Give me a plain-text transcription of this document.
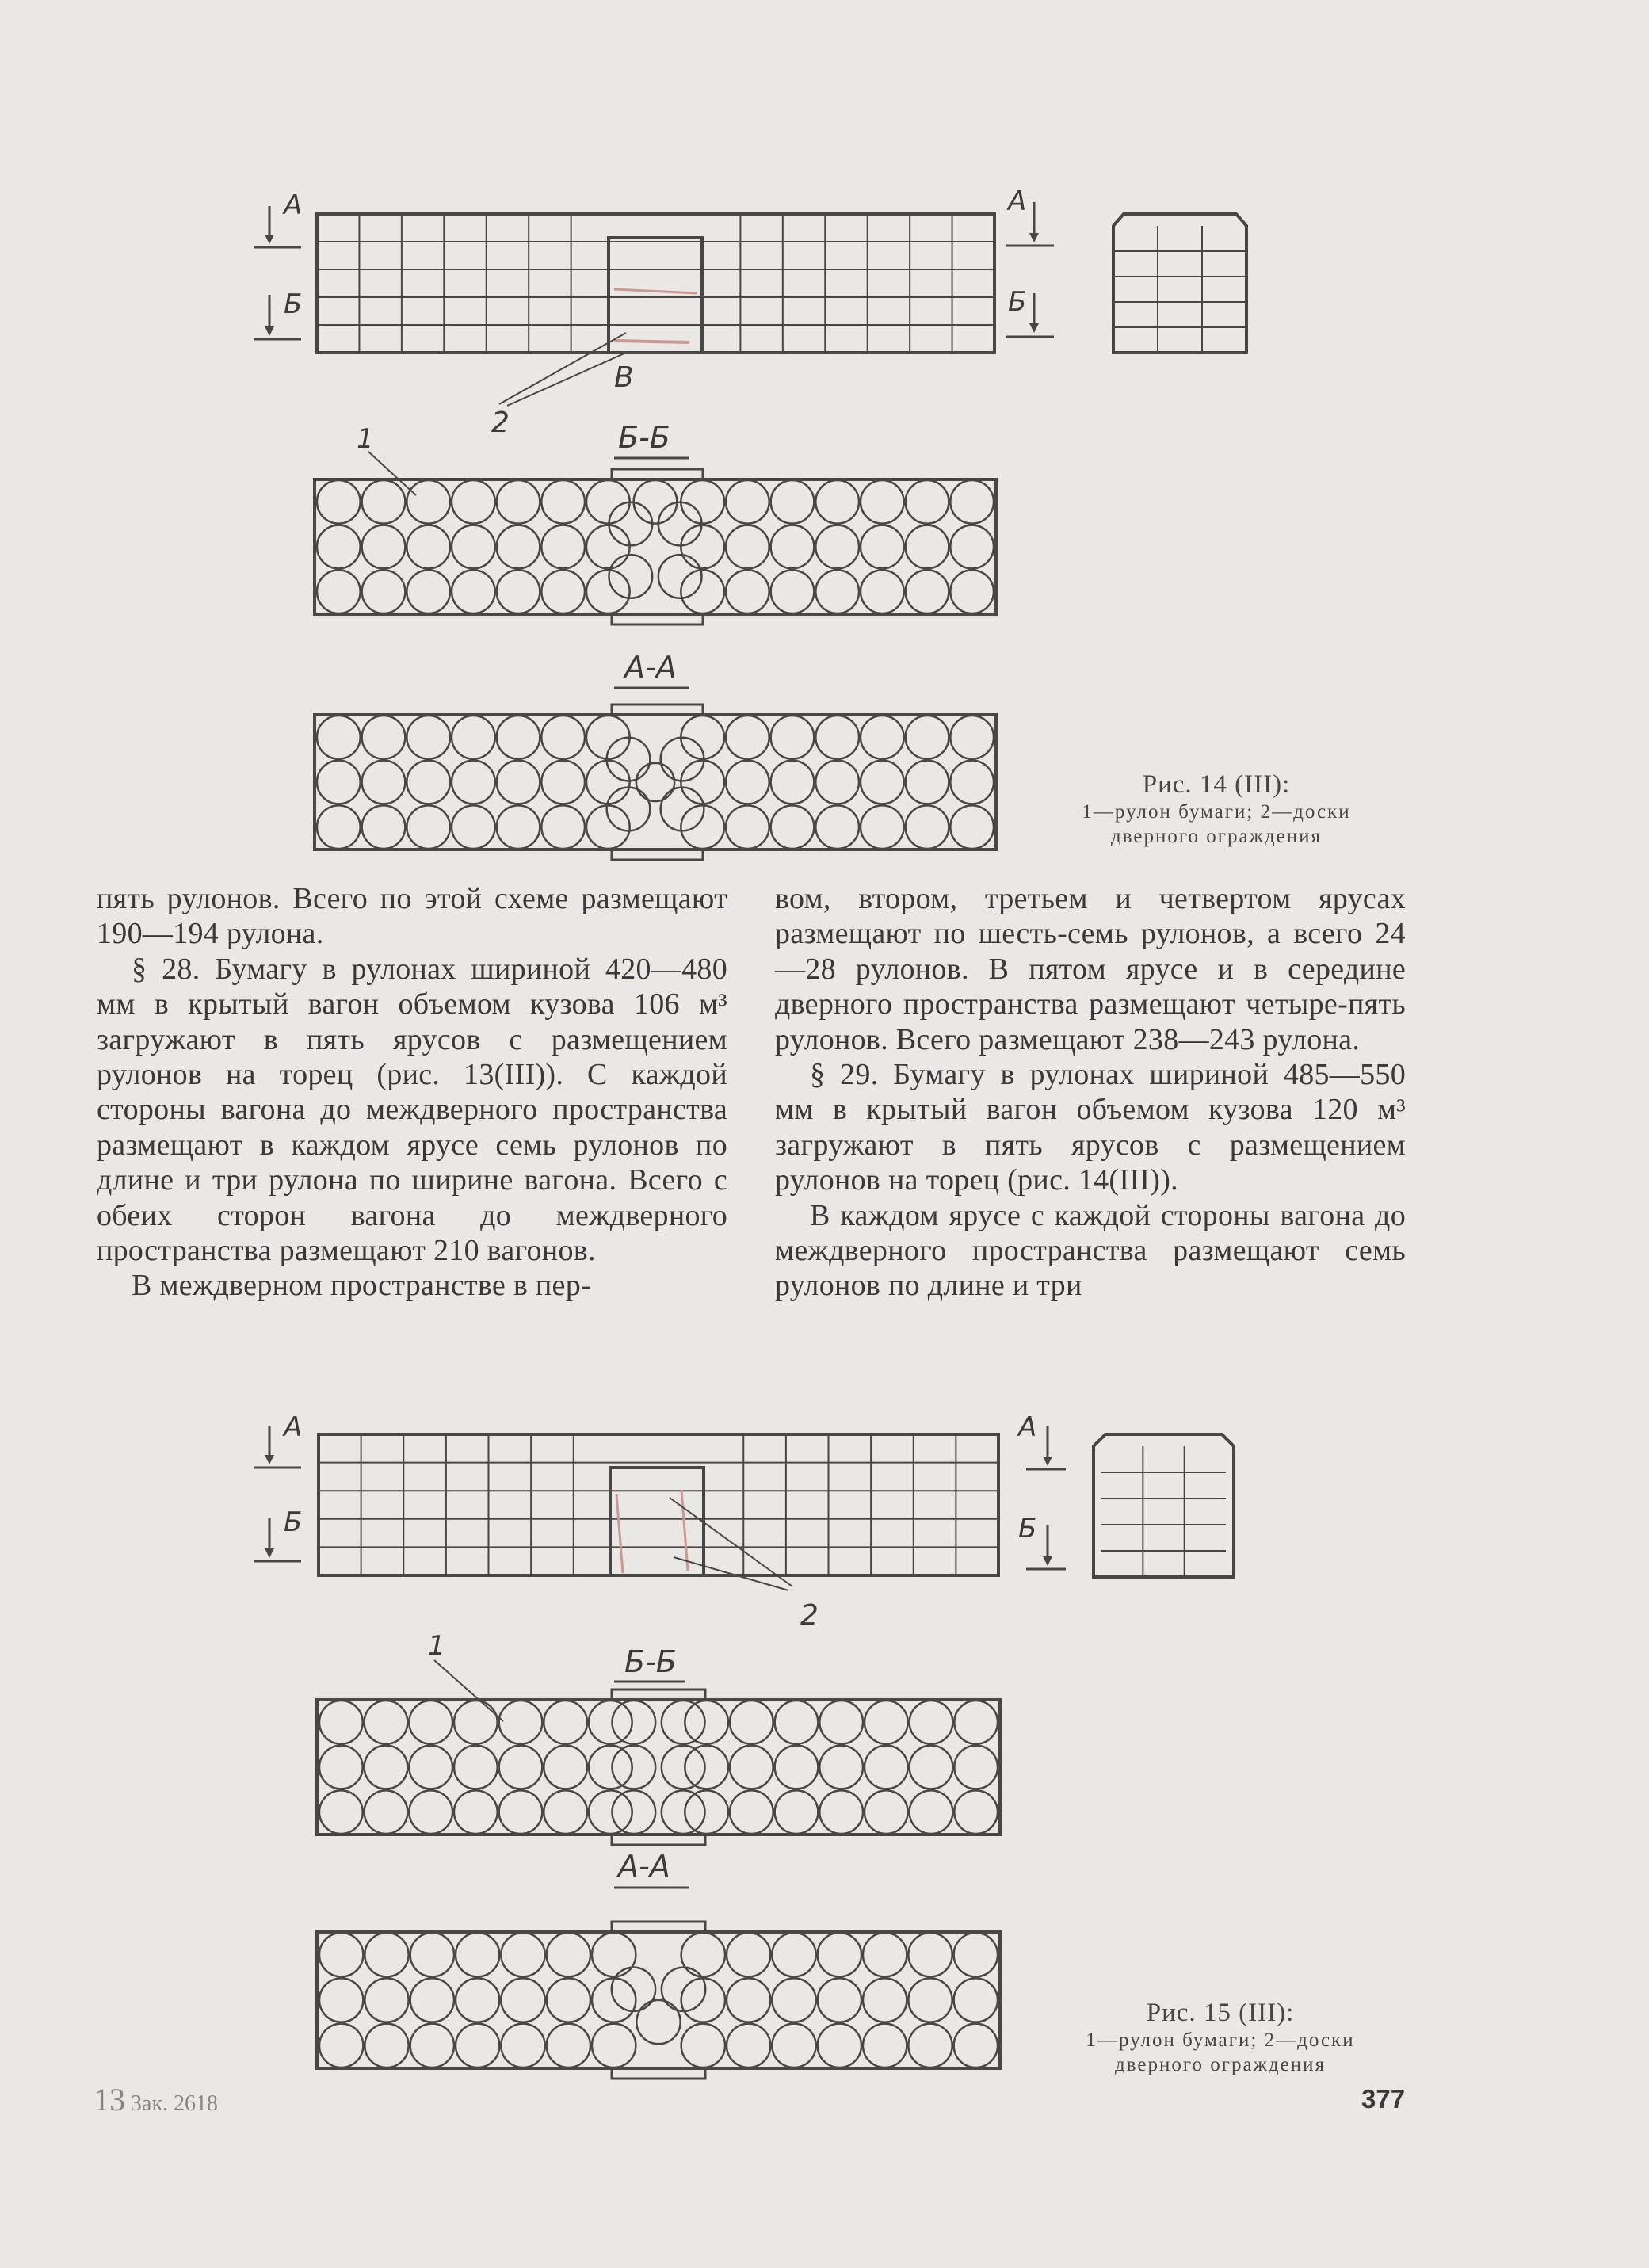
2
В
А
Б
А
Б
Б-Б
1
А-А
Рис. 14 (III):
1—рулон бумаги; 2—доски
дверного ограждения

пять рулонов. Всего по этой схеме размещают 190—194 рулона.

§ 28. Бумагу в рулонах шириной 420—480 мм в крытый вагон объемом кузова 106 м³ загружают в пять ярусов с размещением рулонов на торец (рис. 13(III)). С каждой стороны вагона до междверного пространства размещают в каждом ярусе семь рулонов по длине и три рулона по ширине вагона. Всего с обеих сторон вагона до междверного пространства размещают 210 вагонов.

В междверном пространстве в пер-

вом, втором, третьем и четвертом ярусах размещают по шесть-семь рулонов, а всего 24—28 рулонов. В пятом ярусе и в середине дверного пространства размещают четыре-пять рулонов. Всего размещают 238—243 рулона.

§ 29. Бумагу в рулонах шириной 485—550 мм в крытый вагон объемом кузова 120 м³ загружают в пять ярусов с размещением рулонов на торец (рис. 14(III)).

В каждом ярусе с каждой стороны вагона до междверного пространства размещают семь рулонов по длине и три

2
А
Б
А
Б
Б-Б
1
А-А
Рис. 15 (III):
1—рулон бумаги; 2—доски
дверного ограждения
13 Зак. 2618	377
